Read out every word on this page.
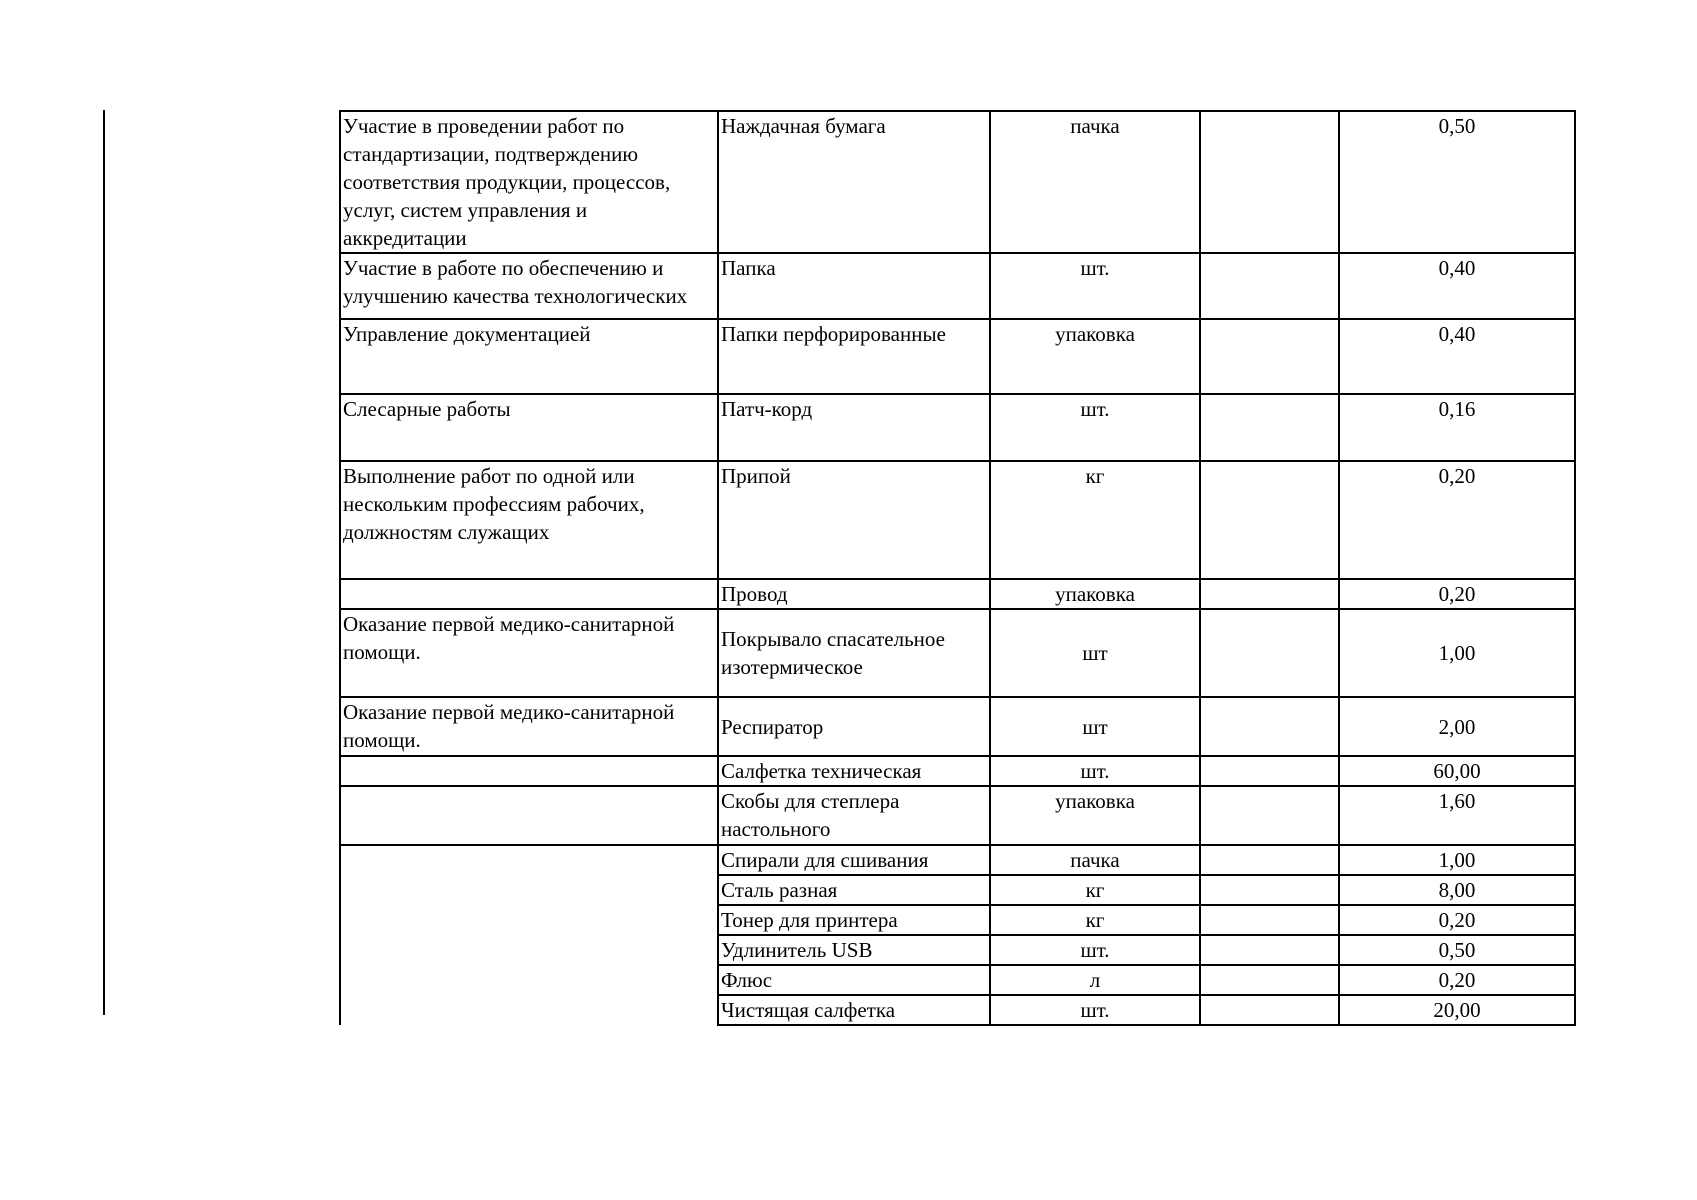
Участие в проведении работ по стандартизации, подтверждению соответствия продукции, процессов, услуг, систем управления и аккредитации	Наждачная бумага	пачка		0,50
Участие в работе по обеспечению и улучшению качества технологических	Папка	шт.		0,40
Управление документацией	Папки перфорированные	упаковка		0,40
Слесарные работы	Патч-корд	шт.		0,16
Выполнение работ по одной или нескольким профессиям рабочих, должностям служащих	Припой	кг		0,20
	Провод	упаковка		0,20
Оказание первой медико-санитарной помощи.	Покрывало спасательное изотермическое	шт		1,00
Оказание первой медико-санитарной помощи.	Респиратор	шт		2,00
	Салфетка техническая	шт.		60,00
	Скобы для степлера настольного	упаковка		1,60
	Спирали для сшивания	пачка		1,00
	Сталь разная	кг		8,00
	Тонер для принтера	кг		0,20
	Удлинитель USB	шт.		0,50
	Флюс	л		0,20
	Чистящая салфетка	шт.		20,00
